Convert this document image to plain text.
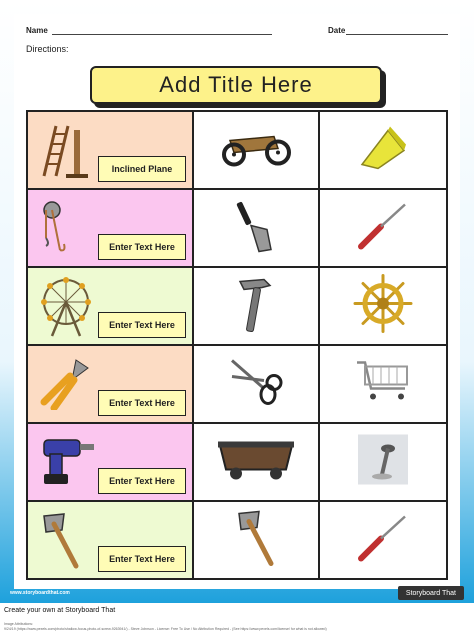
Name	Date
Directions:
Add Title Here
Inclined Plane
Enter Text Here
Enter Text Here
Enter Text Here
Enter Text Here
Enter Text Here
www.storyboardthat.com	Storyboard That
Create your own at Storyboard That
Image Attributions:
9/24/19 (https://www.pexels.com/photo/shallow-focus-photo-of-screw-9263941/) - Steve Johnson - License: Free To Use / No Attribution Required - (See https://www.pexels.com/license/ for what is not allowed)
